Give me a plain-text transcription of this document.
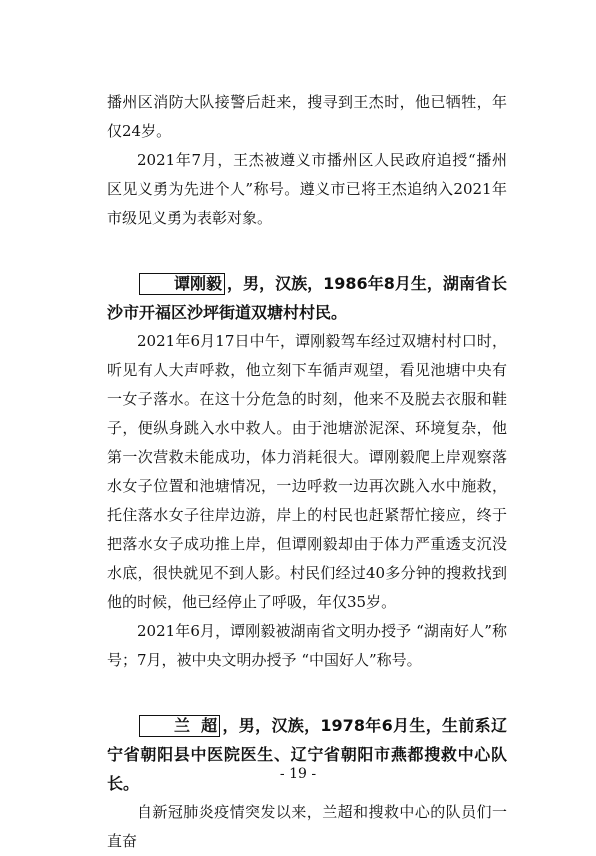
播州区消防大队接警后赶来，搜寻到王杰时，他已牺牲，年仅24岁。

2021年7月，王杰被遵义市播州区人民政府追授“播州区见义勇为先进个人”称号。遵义市已将王杰追纳入2021年市级见义勇为表彰对象。

谭刚毅 ，男，汉族，1986年8月生，湖南省长沙市开福区沙坪街道双塘村村民。

2021年6月17日中午，谭刚毅驾车经过双塘村村口时，听见有人大声呼救，他立刻下车循声观望，看见池塘中央有一女子落水。在这十分危急的时刻，他来不及脱去衣服和鞋子，便纵身跳入水中救人。由于池塘淤泥深、环境复杂，他第一次营救未能成功，体力消耗很大。谭刚毅爬上岸观察落水女子位置和池塘情况，一边呼救一边再次跳入水中施救，托住落水女子往岸边游，岸上的村民也赶紧帮忙接应，终于把落水女子成功推上岸，但谭刚毅却由于体力严重透支沉没水底，很快就见不到人影。村民们经过40多分钟的搜救找到他的时候，他已经停止了呼吸，年仅35岁。

2021年6月，谭刚毅被湖南省文明办授予 “湖南好人”称号；7月，被中央文明办授予 “中国好人”称号。

兰  超 ，男，汉族，1978年6月生，生前系辽宁省朝阳县中医院医生、辽宁省朝阳市燕都搜救中心队长。

自新冠肺炎疫情突发以来，兰超和搜救中心的队员们一直奋

- 19 -
